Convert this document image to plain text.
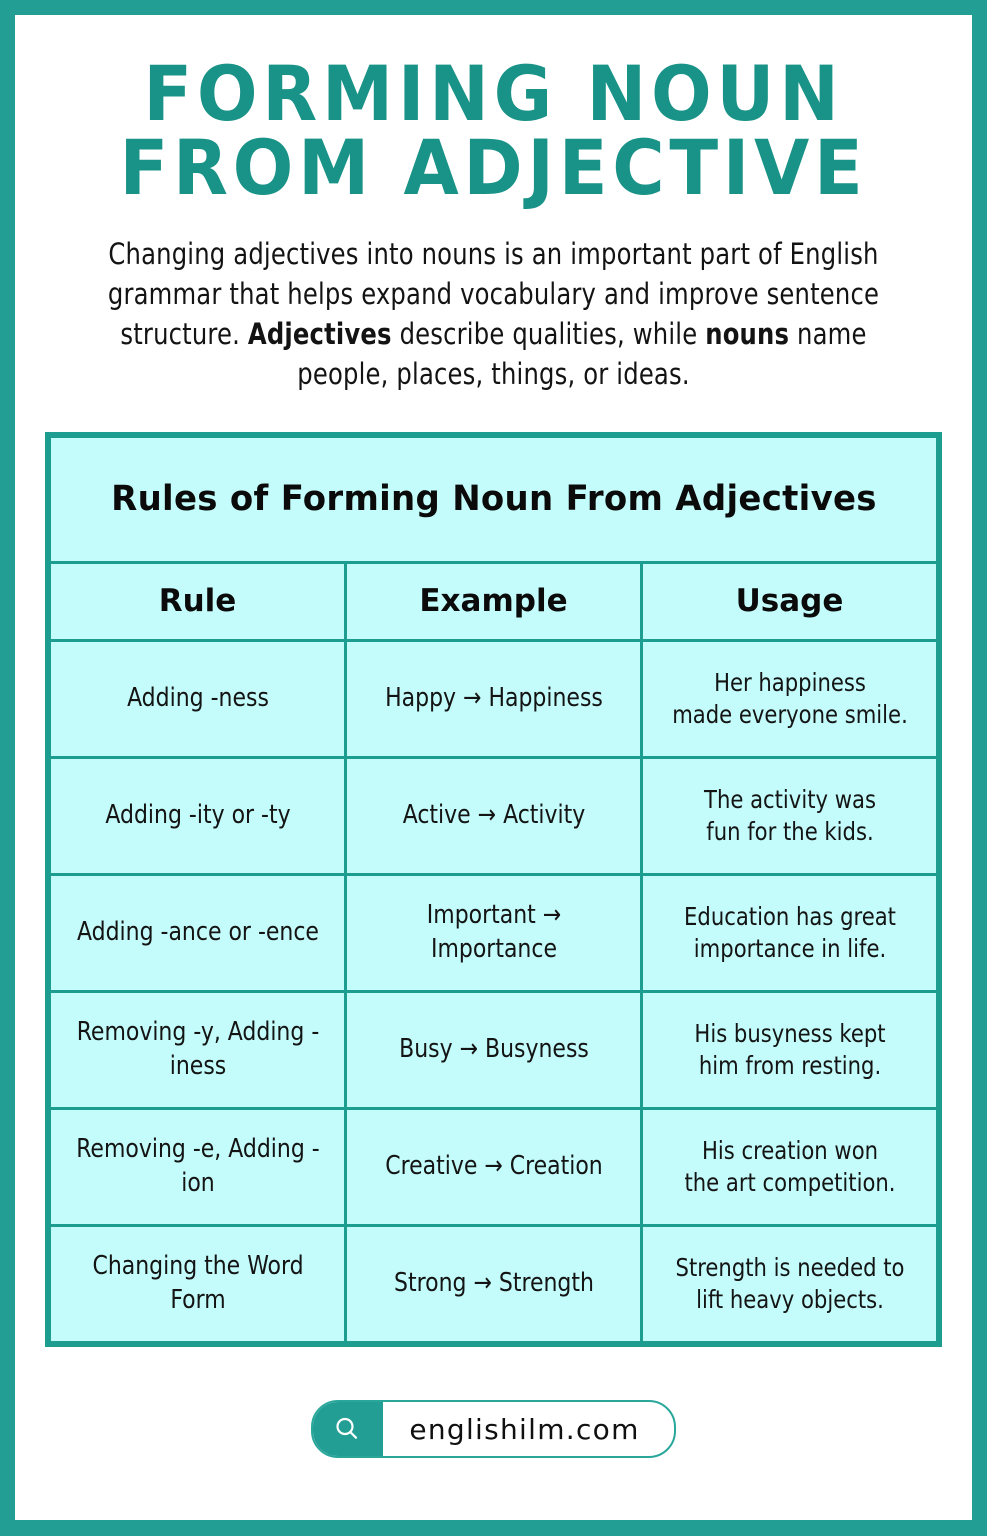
FORMING NOUN
FROM ADJECTIVE

Changing adjectives into nouns is an important part of English grammar that helps expand vocabulary and improve sentence structure. Adjectives describe qualities, while nouns name people, places, things, or ideas.

Rules of Forming Noun From Adjectives		
Rule	Example	Usage
Adding -ness	Happy → Happiness	Her happiness
made everyone smile.

Adding -ity or -ty	Active → Activity	The activity was
fun for the kids.

Adding -ance or -ence	Important → Importance	Education has great
importance in life.

Removing -y, Adding -iness	Busy → Busyness	His busyness kept
him from resting.

Removing -e, Adding -ion	Creative → Creation	His creation won
the art competition.

Changing the Word Form	Strong → Strength	Strength is needed to
lift heavy objects.
englishilm.com
